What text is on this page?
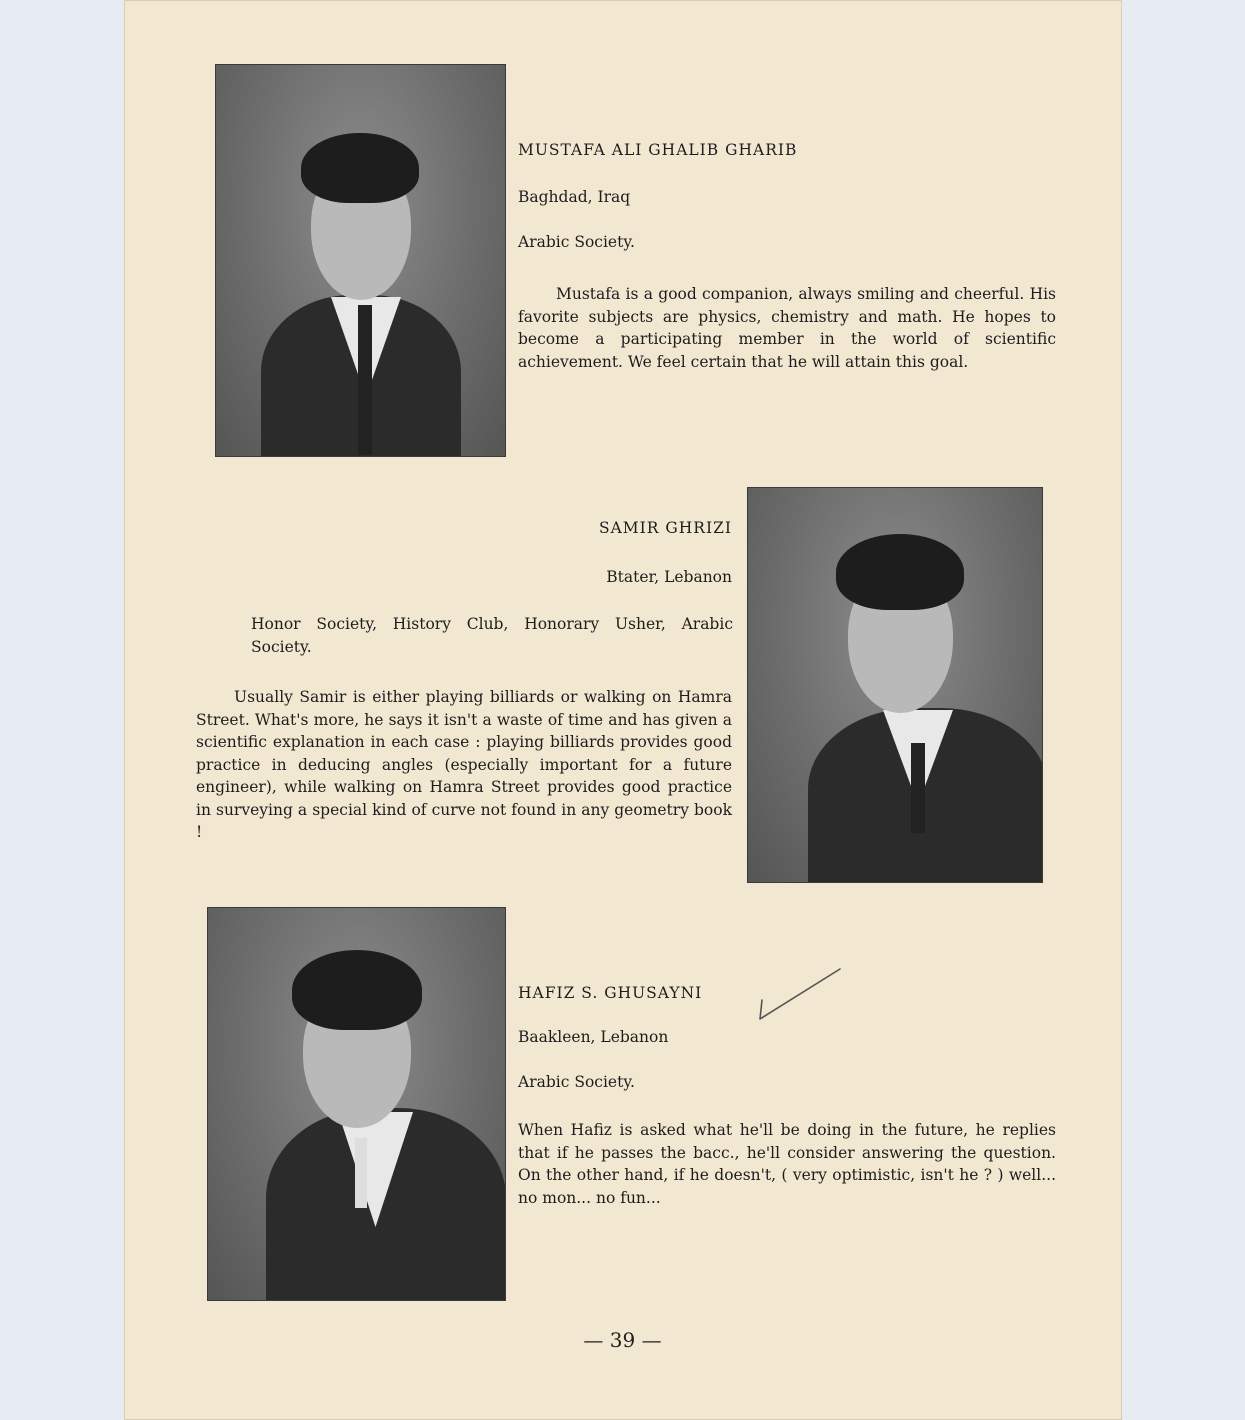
MUSTAFA ALI GHALIB GHARIB

Baghdad, Iraq

Arabic Society.

Mustafa is a good companion, always smiling and cheerful. His favorite subjects are physics, chemistry and math. He hopes to become a participating member in the world of scientific achievement. We feel certain that he will attain this goal.

SAMIR GHRIZI

Btater, Lebanon

Honor Society, History Club, Honorary Usher, Arabic Society.

Usually Samir is either playing billiards or walking on Hamra Street. What's more, he says it isn't a waste of time and has given a scientific explanation in each case : playing billiards provides good practice in deducing angles (especially important for a future engineer), while walking on Hamra Street provides good practice in surveying a special kind of curve not found in any geometry book !

HAFIZ S. GHUSAYNI

Baakleen, Lebanon

Arabic Society.

When Hafiz is asked what he'll be doing in the future, he replies that if he passes the bacc., he'll consider answering the question. On the other hand, if he doesn't, ( very optimistic, isn't he ? ) well... no mon... no fun...

— 39 —
